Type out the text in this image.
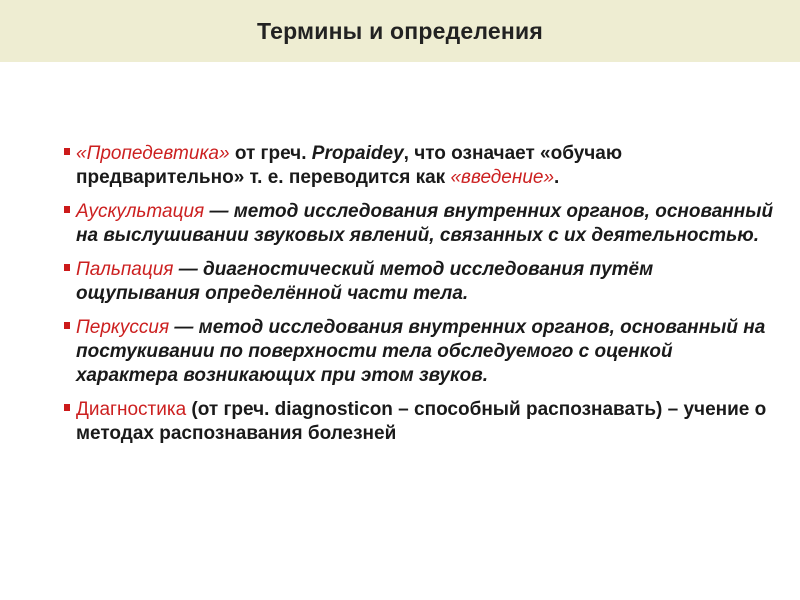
Термины и определения
«Пропедевтика» от греч. Propaidey, что означает «обучаю предварительно» т. е. переводится как «введение».
Аускультация — метод исследования внутренних органов, основанный на выслушивании звуковых явлений, связанных с их деятельностью.
Пальпация — диагностический метод исследования путём ощупывания определённой части тела.
Перкуссия — метод исследования внутренних органов, основанный на постукивании по поверхности тела обследуемого с оценкой характера возникающих при этом звуков.
Диагностика (от греч. diagnosticon – способный распознавать) – учение о методах распознавания болезней
